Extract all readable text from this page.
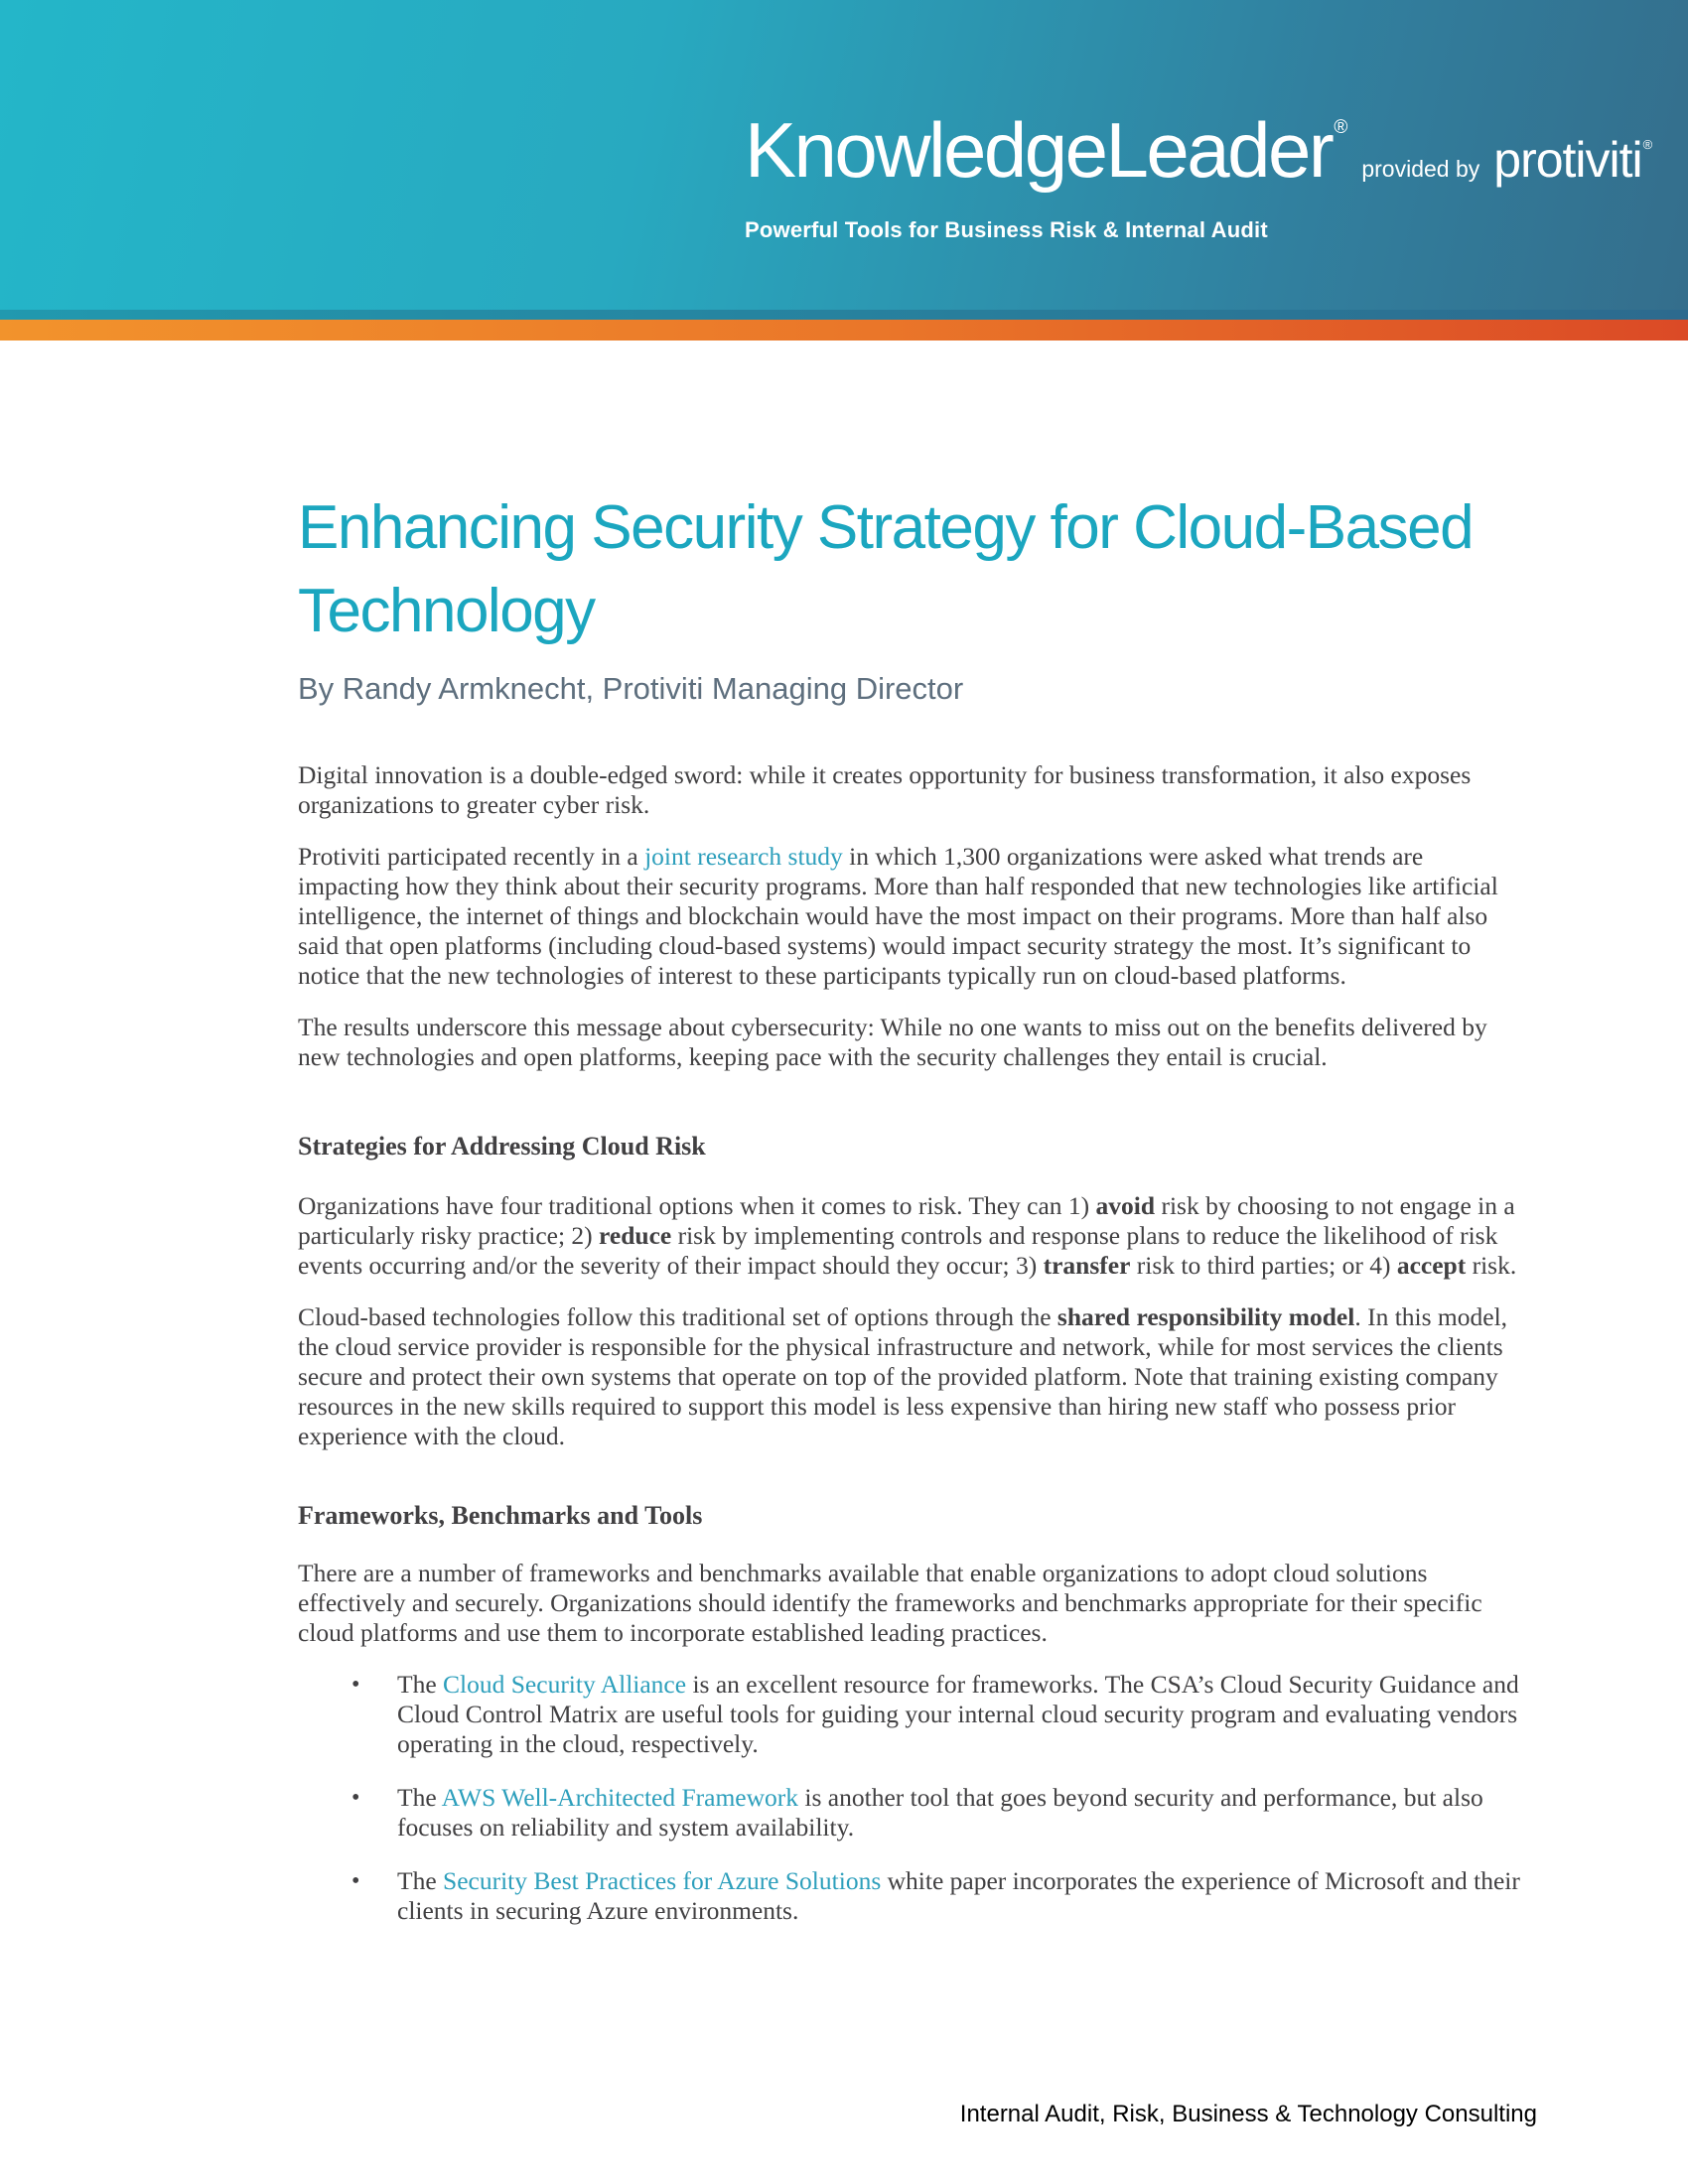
KnowledgeLeader ®provided by protiviti®
Powerful Tools for Business Risk & Internal Audit
Enhancing Security Strategy for Cloud-Based Technology
By Randy Armknecht, Protiviti Managing Director

Digital innovation is a double-edged sword: while it creates opportunity for business transformation, it also exposes organizations to greater cyber risk.

Protiviti participated recently in a joint research study in which 1,300 organizations were asked what trends are impacting how they think about their security programs. More than half responded that new technologies like artificial intelligence, the internet of things and blockchain would have the most impact on their programs. More than half also said that open platforms (including cloud-based systems) would impact security strategy the most. It’s significant to notice that the new technologies of interest to these participants typically run on cloud-based platforms.

The results underscore this message about cybersecurity: While no one wants to miss out on the benefits delivered by new technologies and open platforms, keeping pace with the security challenges they entail is crucial.

Strategies for Addressing Cloud Risk

Organizations have four traditional options when it comes to risk. They can 1) avoid risk by choosing to not engage in a particularly risky practice; 2) reduce risk by implementing controls and response plans to reduce the likelihood of risk events occurring and/or the severity of their impact should they occur; 3) transfer risk to third parties; or 4) accept risk.

Cloud-based technologies follow this traditional set of options through the shared responsibility model. In this model, the cloud service provider is responsible for the physical infrastructure and network, while for most services the clients secure and protect their own systems that operate on top of the provided platform. Note that training existing company resources in the new skills required to support this model is less expensive than hiring new staff who possess prior experience with the cloud.

Frameworks, Benchmarks and Tools

There are a number of frameworks and benchmarks available that enable organizations to adopt cloud solutions effectively and securely. Organizations should identify the frameworks and benchmarks appropriate for their specific cloud platforms and use them to incorporate established leading practices.

• The Cloud Security Alliance is an excellent resource for frameworks. The CSA’s Cloud Security Guidance and Cloud Control Matrix are useful tools for guiding your internal cloud security program and evaluating vendors operating in the cloud, respectively.
• The AWS Well-Architected Framework is another tool that goes beyond security and performance, but also focuses on reliability and system availability.
• The Security Best Practices for Azure Solutions white paper incorporates the experience of Microsoft and their clients in securing Azure environments.
Internal Audit, Risk, Business & Technology Consulting
